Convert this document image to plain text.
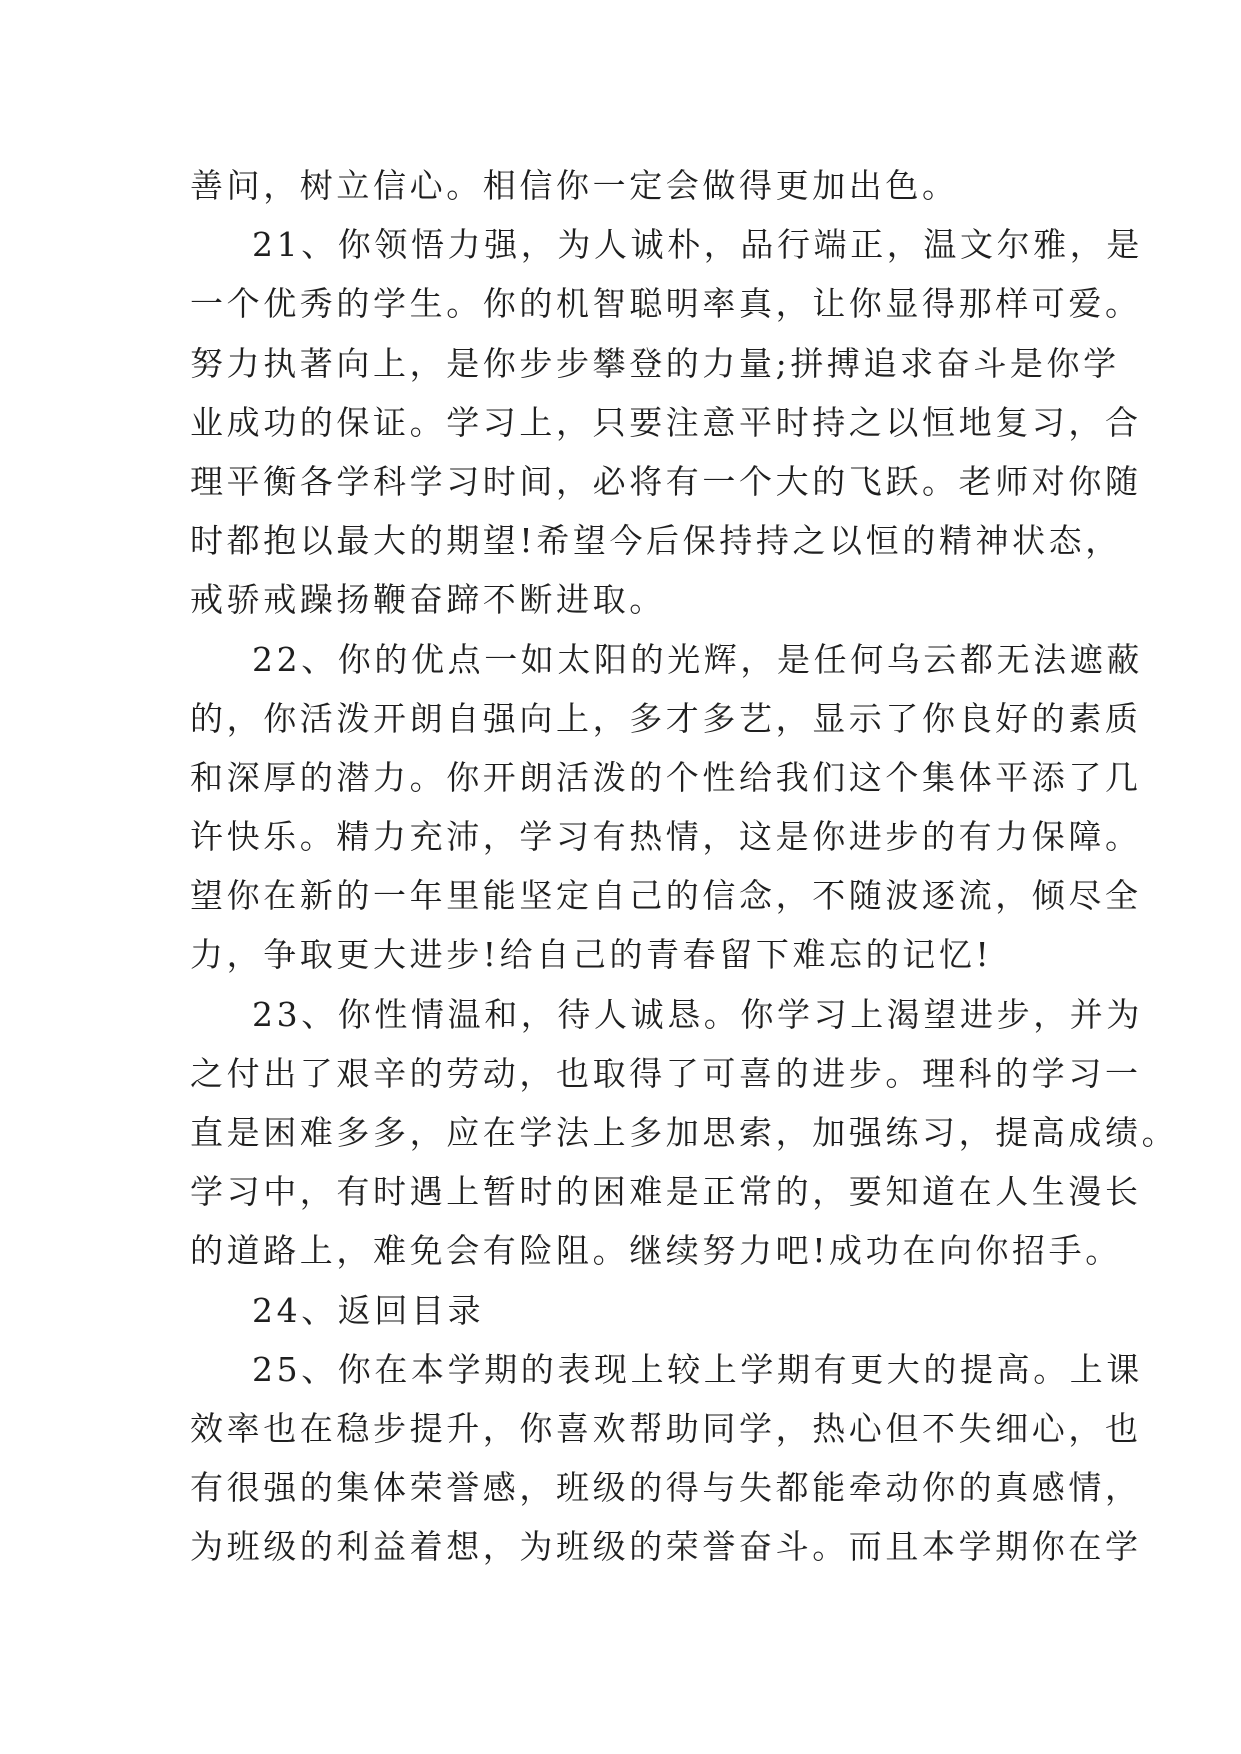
善问，树立信心。相信你一定会做得更加出色。
21、你领悟力强，为人诚朴，品行端正，温文尔雅，是
一个优秀的学生。你的机智聪明率真，让你显得那样可爱。
努力执著向上，是你步步攀登的力量;拼搏追求奋斗是你学
业成功的保证。学习上，只要注意平时持之以恒地复习，合
理平衡各学科学习时间，必将有一个大的飞跃。老师对你随
时都抱以最大的期望!希望今后保持持之以恒的精神状态，
戒骄戒躁扬鞭奋蹄不断进取。
22、你的优点一如太阳的光辉，是任何乌云都无法遮蔽
的，你活泼开朗自强向上，多才多艺，显示了你良好的素质
和深厚的潜力。你开朗活泼的个性给我们这个集体平添了几
许快乐。精力充沛，学习有热情，这是你进步的有力保障。
望你在新的一年里能坚定自己的信念，不随波逐流，倾尽全
力，争取更大进步!给自己的青春留下难忘的记忆!
23、你性情温和，待人诚恳。你学习上渴望进步，并为
之付出了艰辛的劳动，也取得了可喜的进步。理科的学习一
直是困难多多，应在学法上多加思索，加强练习，提高成绩。
学习中，有时遇上暂时的困难是正常的，要知道在人生漫长
的道路上，难免会有险阻。继续努力吧!成功在向你招手。
24、返回目录
25、你在本学期的表现上较上学期有更大的提高。上课
效率也在稳步提升，你喜欢帮助同学，热心但不失细心，也
有很强的集体荣誉感，班级的得与失都能牵动你的真感情，
为班级的利益着想，为班级的荣誉奋斗。而且本学期你在学
